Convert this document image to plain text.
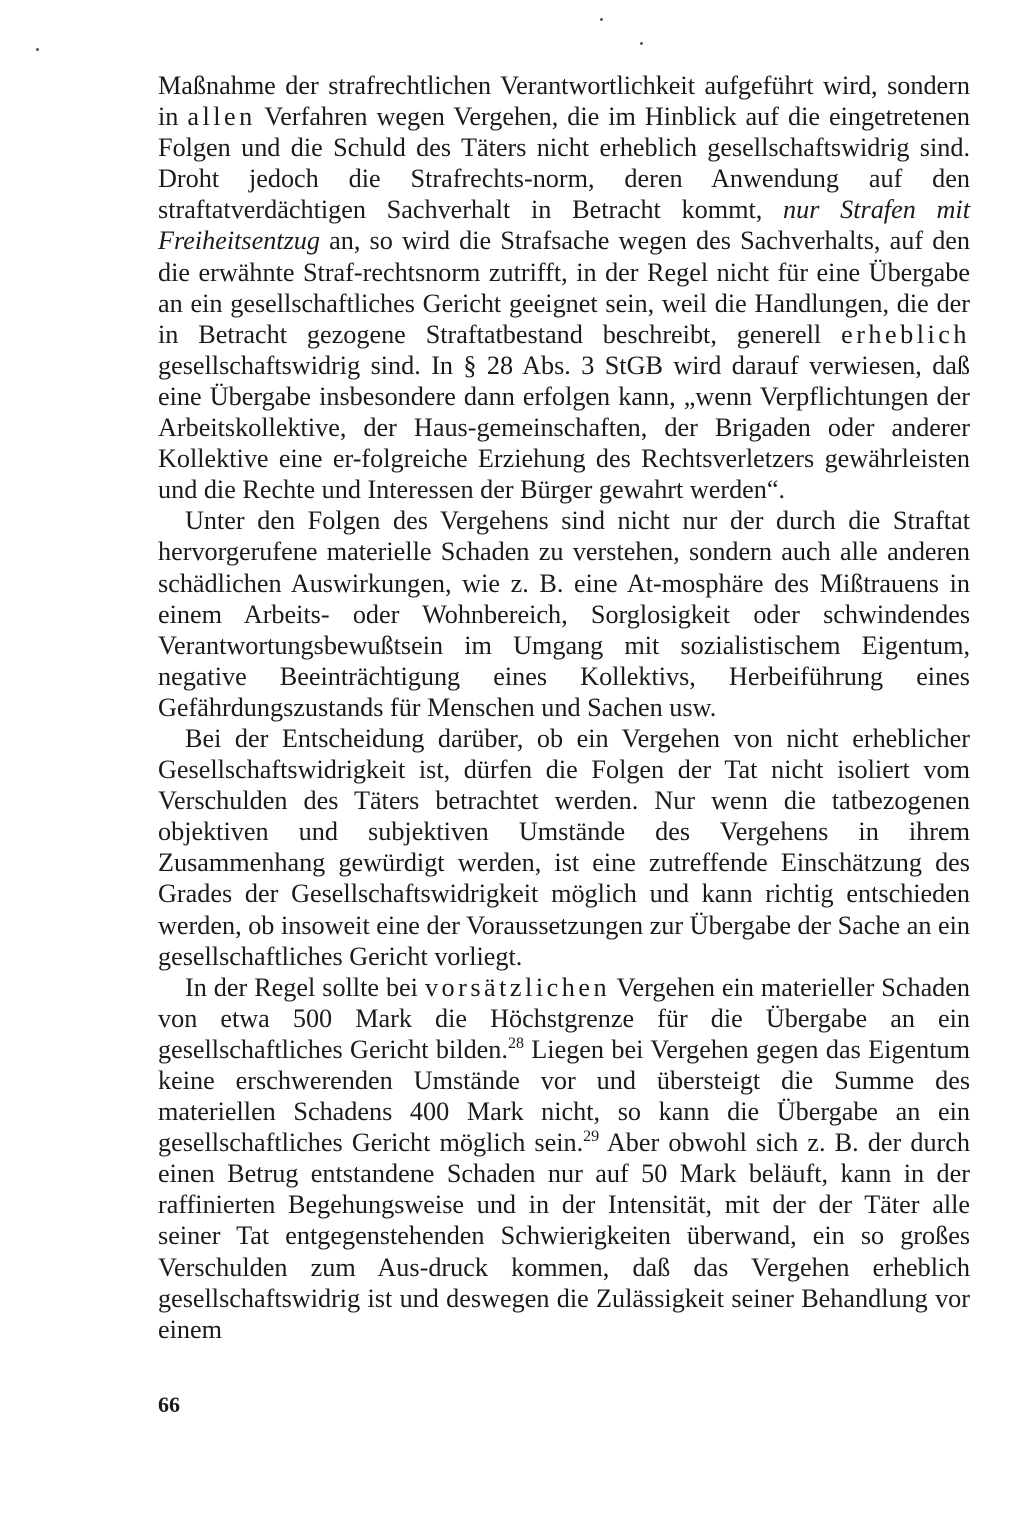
Maßnahme der strafrechtlichen Verantwortlichkeit aufgeführt wird, sondern in allen Verfahren wegen Vergehen, die im Hinblick auf die eingetretenen Folgen und die Schuld des Täters nicht erheblich gesellschaftswidrig sind. Droht jedoch die Strafrechts-norm, deren Anwendung auf den straftatverdächtigen Sachverhalt in Betracht kommt, nur Strafen mit Freiheitsentzug an, so wird die Strafsache wegen des Sachverhalts, auf den die erwähnte Straf-rechtsnorm zutrifft, in der Regel nicht für eine Übergabe an ein gesellschaftliches Gericht geeignet sein, weil die Handlungen, die der in Betracht gezogene Straftatbestand beschreibt, generell erheblich gesellschaftswidrig sind. In § 28 Abs. 3 StGB wird darauf verwiesen, daß eine Übergabe insbesondere dann erfolgen kann, „wenn Verpflichtungen der Arbeitskollektive, der Haus-gemeinschaften, der Brigaden oder anderer Kollektive eine er-folgreiche Erziehung des Rechtsverletzers gewährleisten und die Rechte und Interessen der Bürger gewahrt werden“.

Unter den Folgen des Vergehens sind nicht nur der durch die Straftat hervorgerufene materielle Schaden zu verstehen, sondern auch alle anderen schädlichen Auswirkungen, wie z. B. eine At-mosphäre des Mißtrauens in einem Arbeits- oder Wohnbereich, Sorglosigkeit oder schwindendes Verantwortungsbewußtsein im Umgang mit sozialistischem Eigentum, negative Beeinträchtigung eines Kollektivs, Herbeiführung eines Gefährdungszustands für Menschen und Sachen usw.

Bei der Entscheidung darüber, ob ein Vergehen von nicht erheblicher Gesellschaftswidrigkeit ist, dürfen die Folgen der Tat nicht isoliert vom Verschulden des Täters betrachtet werden. Nur wenn die tatbezogenen objektiven und subjektiven Umstände des Vergehens in ihrem Zusammenhang gewürdigt werden, ist eine zutreffende Einschätzung des Grades der Gesellschaftswidrigkeit möglich und kann richtig entschieden werden, ob insoweit eine der Voraussetzungen zur Übergabe der Sache an ein gesellschaftliches Gericht vorliegt.

In der Regel sollte bei vorsätzlichen Vergehen ein materieller Schaden von etwa 500 Mark die Höchstgrenze für die Übergabe an ein gesellschaftliches Gericht bilden.$^{28}$ Liegen bei Vergehen gegen das Eigentum keine erschwerenden Umstände vor und übersteigt die Summe des materiellen Schadens 400 Mark nicht, so kann die Übergabe an ein gesellschaftliches Gericht möglich sein.$^{29}$ Aber obwohl sich z. B. der durch einen Betrug entstandene Schaden nur auf 50 Mark beläuft, kann in der raffinierten Begehungsweise und in der Intensität, mit der der Täter alle seiner Tat entgegenstehenden Schwierigkeiten überwand, ein so großes Verschulden zum Aus-druck kommen, daß das Vergehen erheblich gesellschaftswidrig ist und deswegen die Zulässigkeit seiner Behandlung vor einem

66
